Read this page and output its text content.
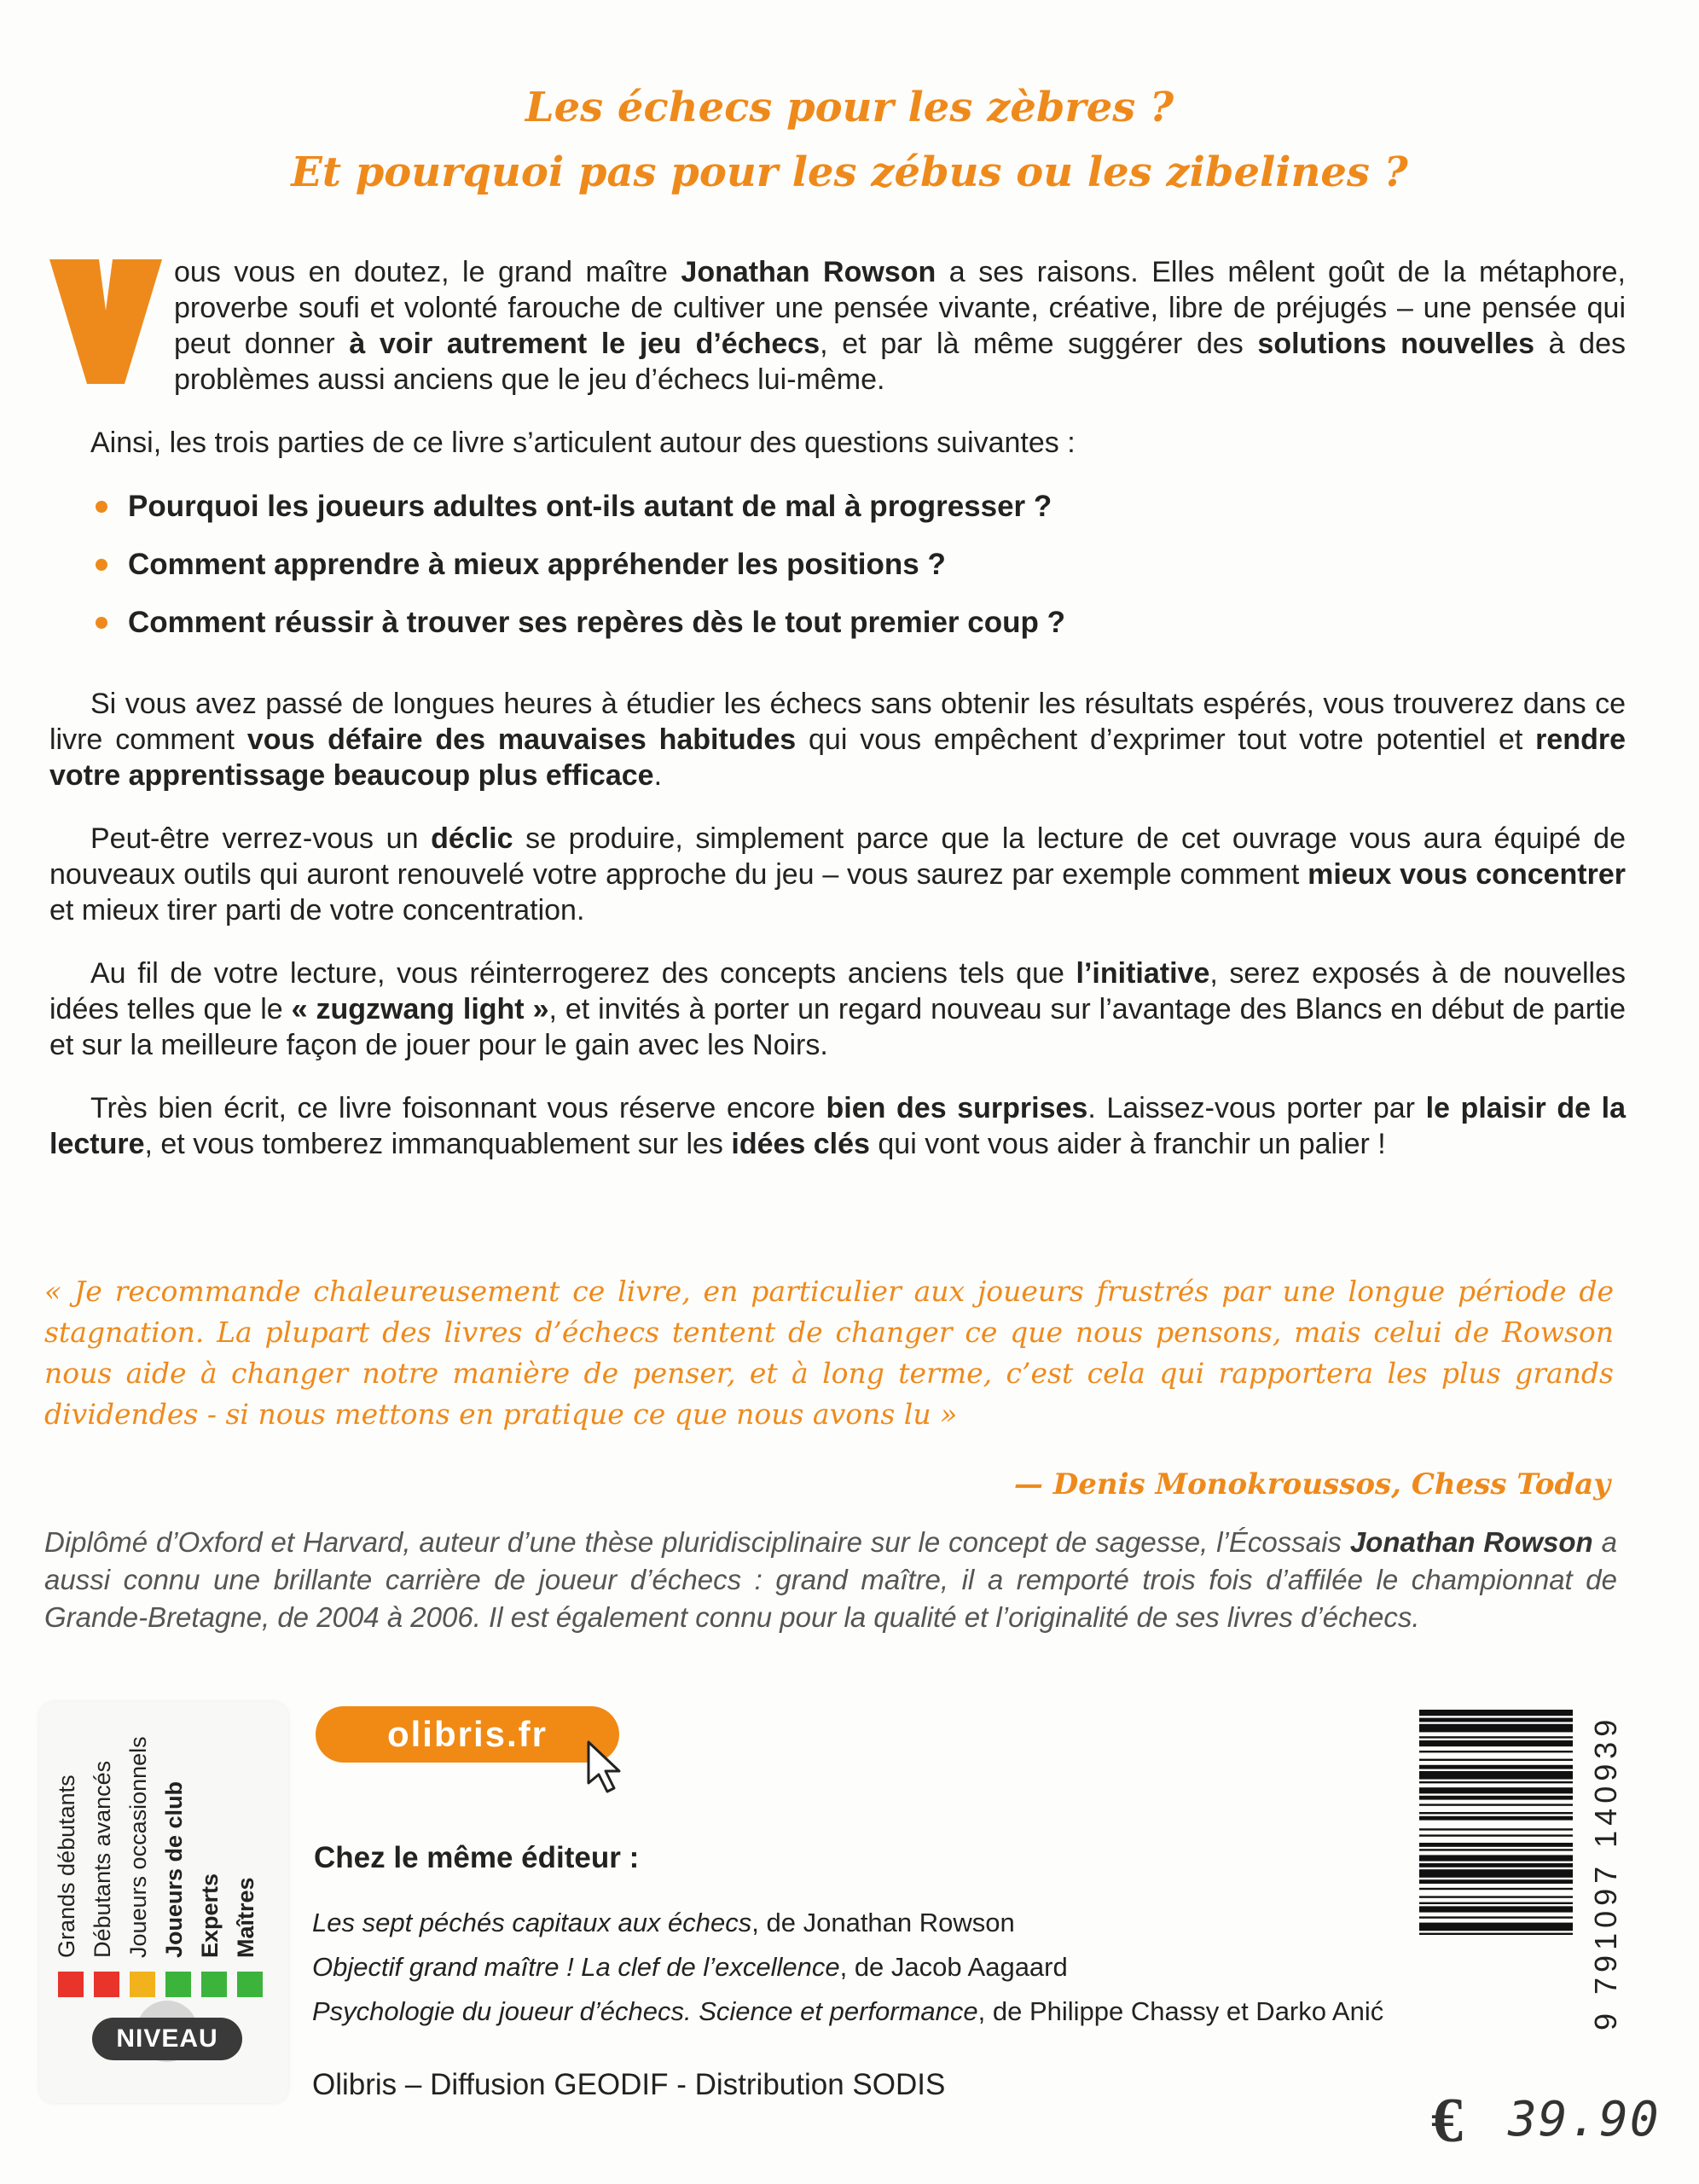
Les échecs pour les zèbres ?
Et pourquoi pas pour les zébus ou les zibelines ?

ous vous en doutez, le grand maître Jonathan Rowson a ses raisons. Elles mêlent goût de la métaphore, proverbe soufi et volonté farouche de cultiver une pensée vivante, créative, libre de préjugés – une pensée qui peut donner à voir autrement le jeu d’échecs, et par là même suggérer des solutions nouvelles à des problèmes aussi anciens que le jeu d’échecs lui-même.

Ainsi, les trois parties de ce livre s’articulent autour des questions suivantes :

Pourquoi les joueurs adultes ont-ils autant de mal à progresser ?
Comment apprendre à mieux appréhender les positions ?
Comment réussir à trouver ses repères dès le tout premier coup ?

Si vous avez passé de longues heures à étudier les échecs sans obtenir les résultats espérés, vous trouverez dans ce livre comment vous défaire des mauvaises habitudes qui vous empêchent d’exprimer tout votre potentiel et rendre votre apprentissage beaucoup plus efficace.

Peut-être verrez-vous un déclic se produire, simplement parce que la lecture de cet ouvrage vous aura équipé de nouveaux outils qui auront renouvelé votre approche du jeu – vous saurez par exemple comment mieux vous concentrer et mieux tirer parti de votre concentration.

Au fil de votre lecture, vous réinterrogerez des concepts anciens tels que l’initiative, serez exposés à de nouvelles idées telles que le « zugzwang light », et invités à porter un regard nouveau sur l’avantage des Blancs en début de partie et sur la meilleure façon de jouer pour le gain avec les Noirs.

Très bien écrit, ce livre foisonnant vous réserve encore bien des surprises. Laissez-vous porter par le plaisir de la lecture, et vous tomberez immanquablement sur les idées clés qui vont vous aider à franchir un palier !

« Je recommande chaleureusement ce livre, en particulier aux joueurs frustrés par une longue période de stagnation. La plupart des livres d’échecs tentent de changer ce que nous pensons, mais celui de Rowson nous aide à changer notre manière de penser, et à long terme, c’est cela qui rapportera les plus grands dividendes - si nous mettons en pratique ce que nous avons lu »
— Denis Monokroussos, Chess Today
Diplômé d’Oxford et Harvard, auteur d’une thèse pluridisciplinaire sur le concept de sagesse, l’Écossais Jonathan Rowson a aussi connu une brillante carrière de joueur d’échecs : grand maître, il a remporté trois fois d’affilée le championnat de Grande-Bretagne, de 2004 à 2006. Il est également connu pour la qualité et l’originalité de ses livres d’échecs.
Grands débutants Débutants avancés Joueurs occasionnels Joueurs de club Experts Maîtres
NIVEAU
olibris.fr
Chez le même éditeur :
Les sept péchés capitaux aux échecs, de Jonathan Rowson
Objectif grand maître ! La clef de l’excellence, de Jacob Aagaard
Psychologie du joueur d’échecs. Science et performance, de Philippe Chassy et Darko Anić
Olibris – Diffusion GEODIF - Distribution SODIS
9 791097 140939
€ 39.90
